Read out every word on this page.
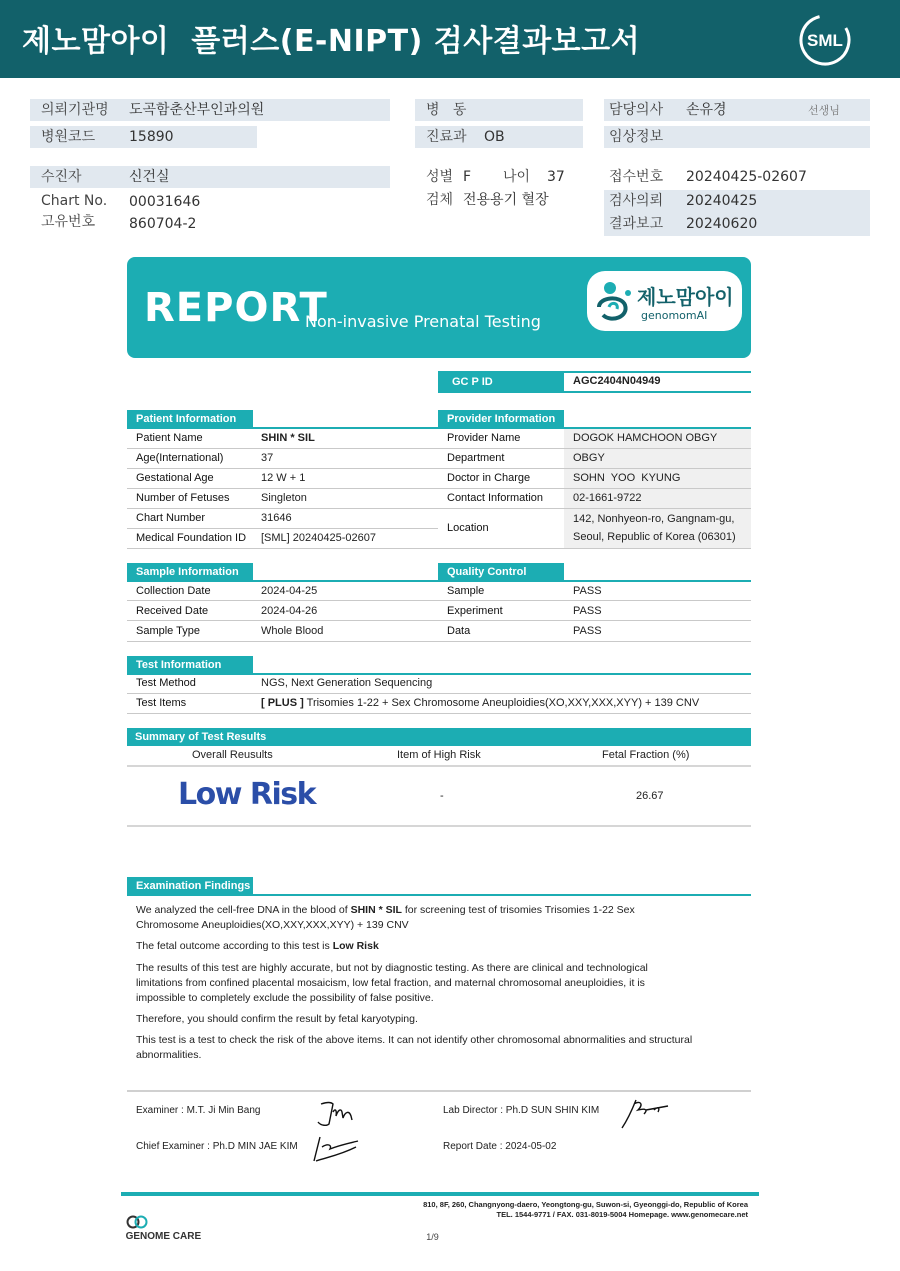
제노맘아이  플러스(E-NIPT) 검사결과보고서	SML
의뢰기관명 도곡함춘산부인과의원
병원코드 15890
병   동
진료과 OB
담당의사 손유경	선생님
임상정보
수진자	신건실
Chart No. 00031646
고유번호 860704-2
성별 F 나이 37
검체 전용용기 혈장
접수번호 20240425-02607
검사의뢰 20240425
결과보고 20240620
REPORT
Non-invasive Prenatal Testing
제노맘아이
genomomAI
GC P ID	AGC2404N04949
Patient Information
Patient Name	SHIN * SIL
Age(International)	37
Gestational Age	12 W + 1
Number of Fetuses	Singleton
Chart Number	31646
Medical Foundation ID [SML] 20240425-02607
Provider Information
Provider Name	DOGOK HAMCHOON OBGY
Department	OBGY
Doctor in Charge	SOHN  YOO  KYUNG
Contact Information	02-1661-9722
Location
142, Nonhyeon-ro, Gangnam-gu,
Seoul, Republic of Korea (06301)
Sample Information
Collection Date	2024-04-25
Received Date	2024-04-26
Sample Type	Whole Blood
Quality Control
Sample	PASS
Experiment	PASS
Data	PASS
Test Information
Test Method	NGS, Next Generation Sequencing
Test Items	[ PLUS ] Trisomies 1-22 + Sex Chromosome Aneuploidies(XO,XXY,XXX,XYY) + 139 CNV
Summary of Test Results
Overall Reusults	Item of High Risk	Fetal Fraction (%)
Low Risk	-	26.67
Examination Findings
We analyzed the cell-free DNA in the blood of SHIN * SIL for screening test of trisomies Trisomies 1-22 Sex Chromosome Aneuploidies(XO,XXY,XXX,XYY) + 139 CNV
The fetal outcome according to this test is Low Risk
The results of this test are highly accurate, but not by diagnostic testing. As there are clinical and technological limitations from confined placental mosaicism, low fetal fraction, and maternal chromosomal aneuploidies, it is impossible to completely exclude the possibility of false positive.
Therefore, you should confirm the result by fetal karyotyping.
This test is a test to check the risk of the above items. It can not identify other chromosomal abnormalities and structural abnormalities.
Examiner : M.T. Ji Min Bang
Chief Examiner : Ph.D MIN JAE KIM
Lab Director : Ph.D SUN SHIN KIM
Report Date : 2024-05-02

GENOME CARE

810, 8F, 260, Changnyong-daero, Yeongtong-gu, Suwon-si, Gyeonggi-do, Republic of Korea
TEL. 1544-9771 / FAX. 031-8019-5004 Homepage. www.genomecare.net
1/9
